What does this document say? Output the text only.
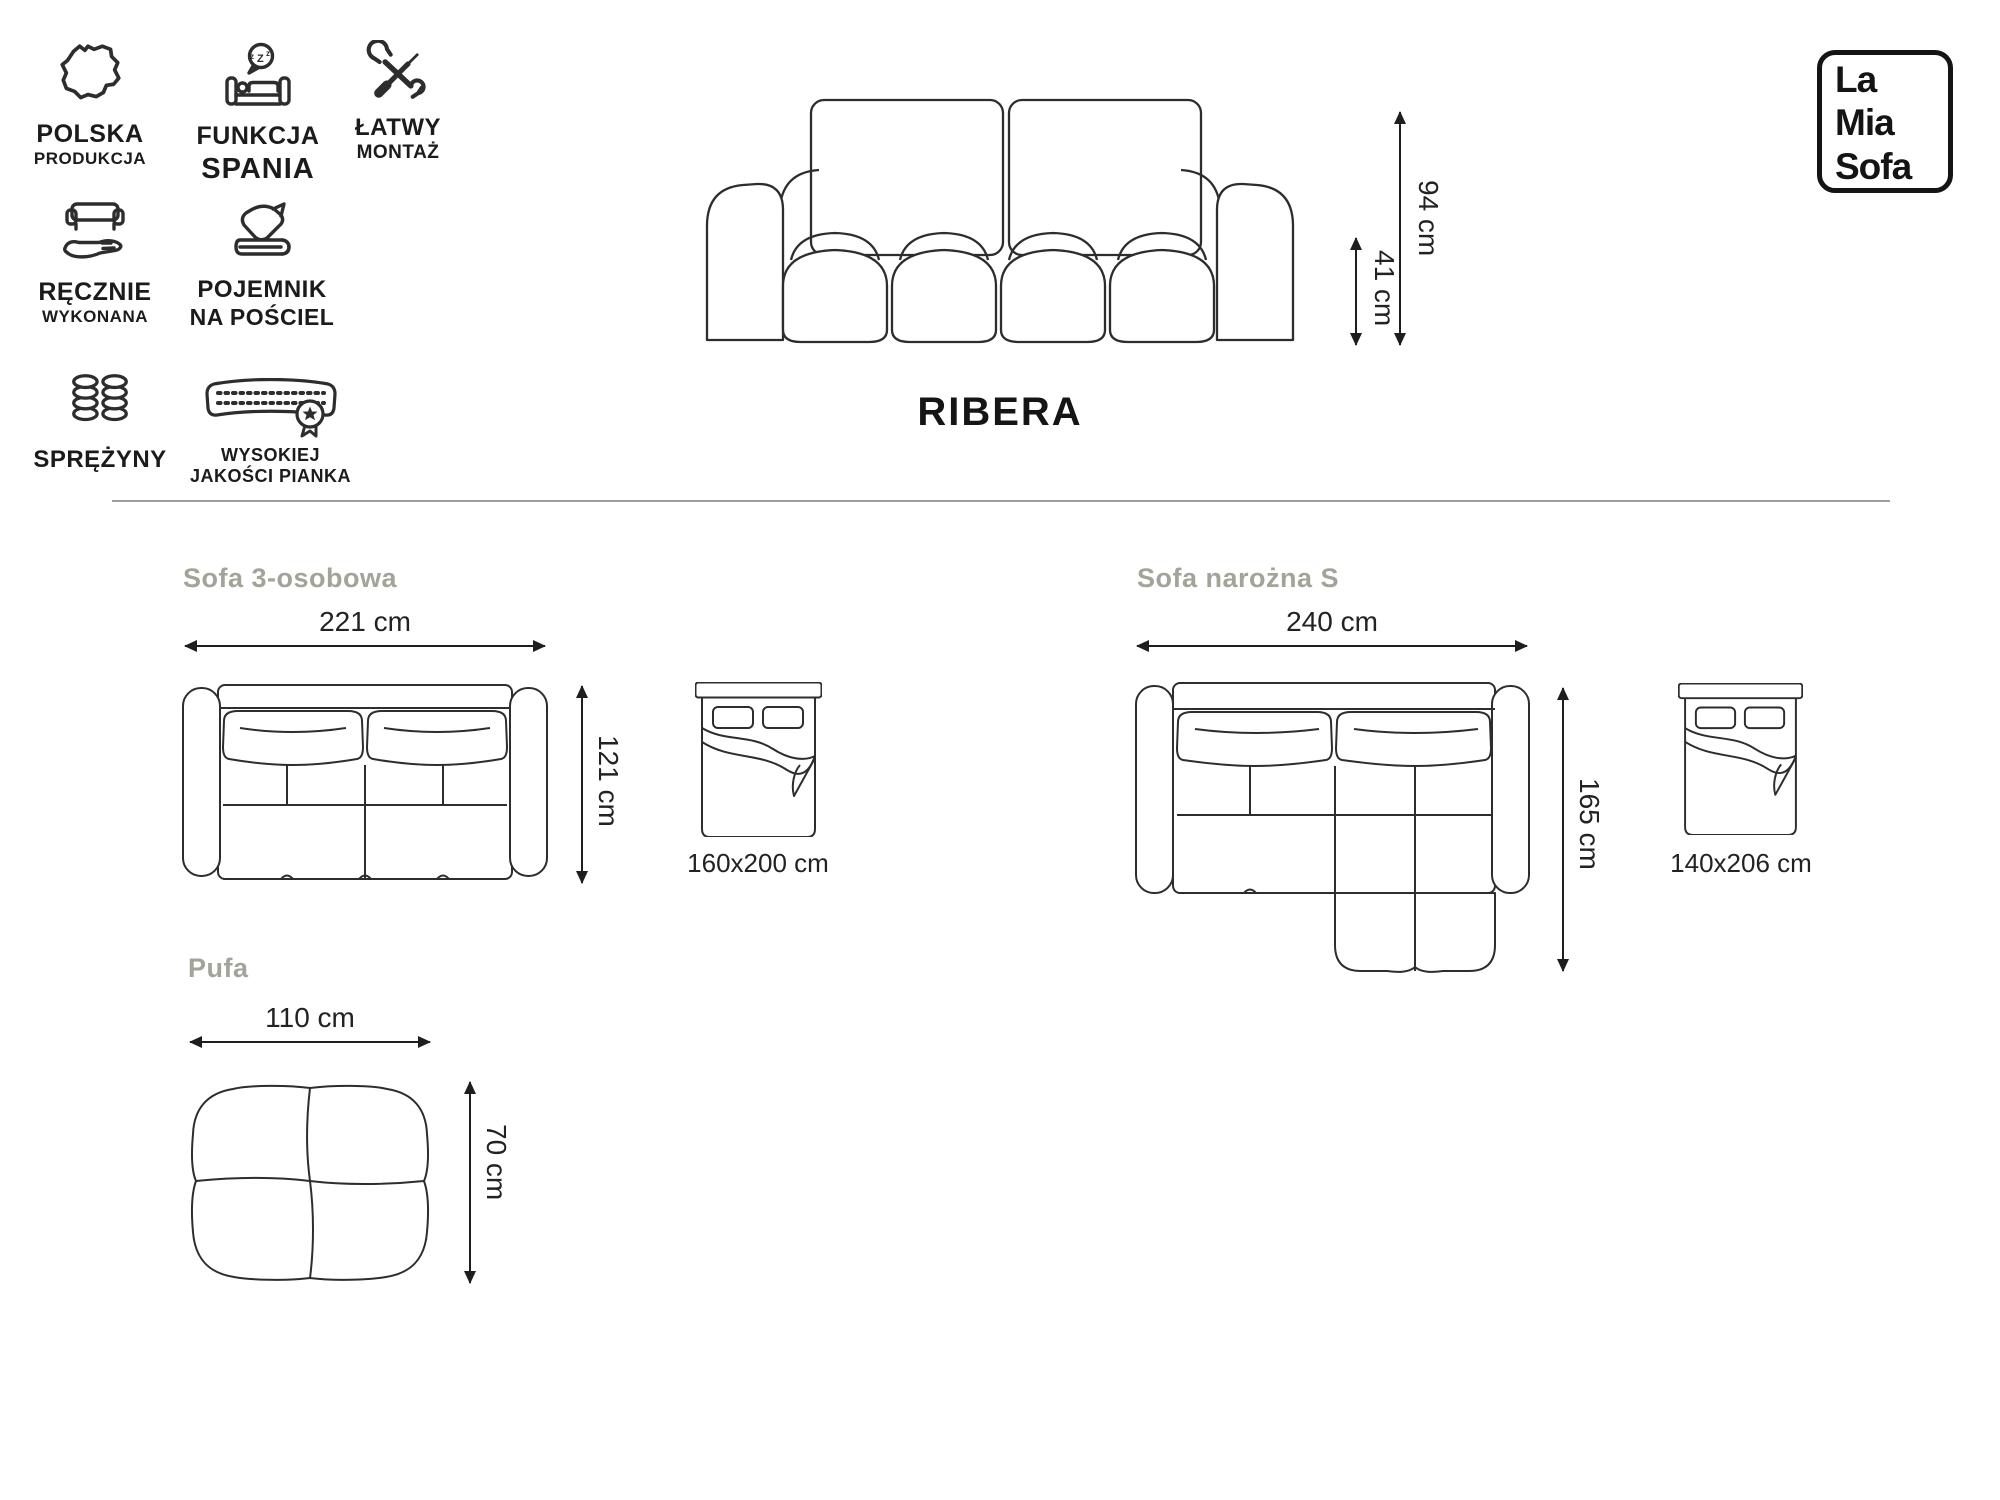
POLSKA
PRODUKCJA
z Z z
FUNKCJA
SPANIA
ŁATWY
MONTAŻ
RĘCZNIE
WYKONANA
POJEMNIK
NA POŚCIEL
SPRĘŻYNY	WYSOKIEJ
JAKOŚCI PIANKA
La
Mia
Sofa
94 cm
41 cm
RIBERA
Sofa 3-osobowa
221 cm
121 cm
160x200 cm
Sofa narożna S
240 cm
165 cm	140x206 cm
Pufa
110 cm
70 cm
